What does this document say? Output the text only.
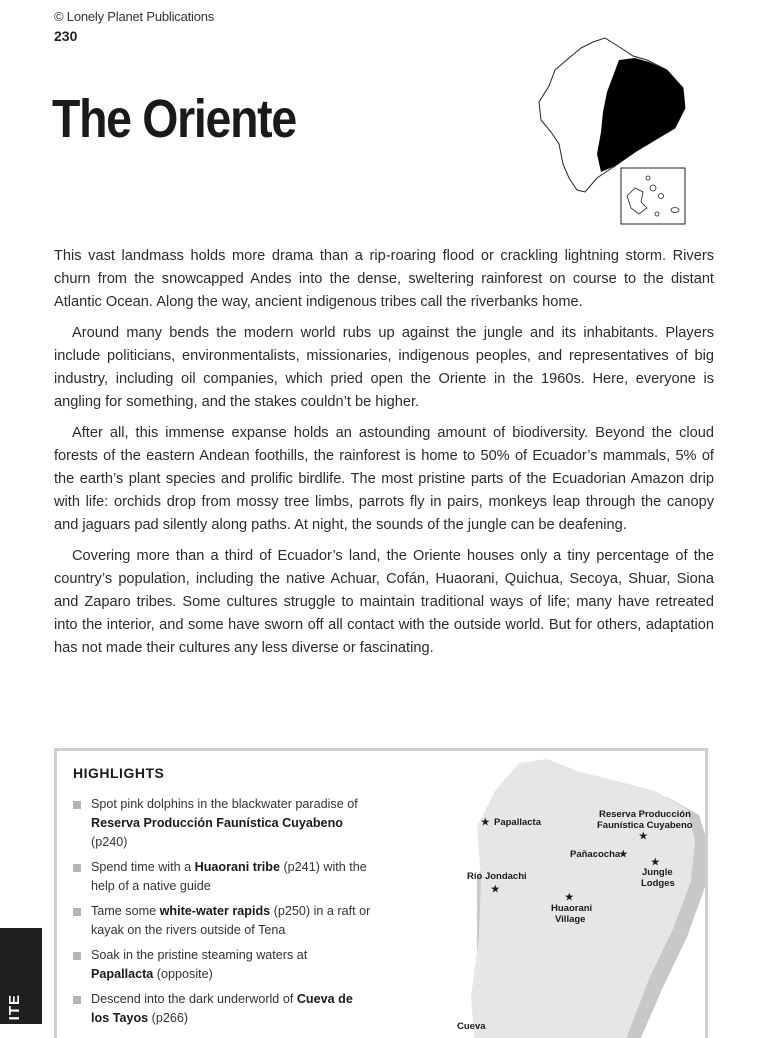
© Lonely Planet Publications
230
The Oriente

This vast landmass holds more drama than a rip-roaring flood or crackling lightning storm. Rivers churn from the snowcapped Andes into the dense, sweltering rainforest on course to the distant Atlantic Ocean. Along the way, ancient indigenous tribes call the riverbanks home.

Around many bends the modern world rubs up against the jungle and its inhabitants. Players include politicians, environmentalists, missionaries, indigenous peoples, and representatives of big industry, including oil companies, which pried open the Oriente in the 1960s. Here, everyone is angling for something, and the stakes couldn’t be higher.

After all, this immense expanse holds an astounding amount of biodiversity. Beyond the cloud forests of the eastern Andean foothills, the rainforest is home to 50% of Ecuador’s mammals, 5% of the earth’s plant species and prolific birdlife. The most pristine parts of the Ecuadorian Amazon drip with life: orchids drop from mossy tree limbs, parrots fly in pairs, monkeys leap through the canopy and jaguars pad silently along paths. At night, the sounds of the jungle can be deafening.

Covering more than a third of Ecuador’s land, the Oriente houses only a tiny percentage of the country’s population, including the native Achuar, Cofán, Huaorani, Quichua, Secoya, Shuar, Siona and Zaparo tribes. Some cultures struggle to maintain traditional ways of life; many have retreated into the interior, and some have sworn off all contact with the outside world. But for others, adaptation has not made their cultures any less diverse or fascinating.

HIGHLIGHTS
Spot pink dolphins in the blackwater paradise of Reserva Producción Faunística Cuyabeno (p240)
Spend time with a Huaorani tribe (p241) with the help of a native guide
Tame some white-water rapids (p250) in a raft or kayak on the rivers outside of Tena
Soak in the pristine steaming waters at Papallacta (opposite)
Descend into the dark underworld of Cueva de los Tayos (p266)
★ Papallacta
Reserva Producción
Faunística Cuyabeno
★
Pañacocha
★
★
Jungle
Lodges
Río Jondachi
★
★
Huaorani
Village
Cueva
ITE
